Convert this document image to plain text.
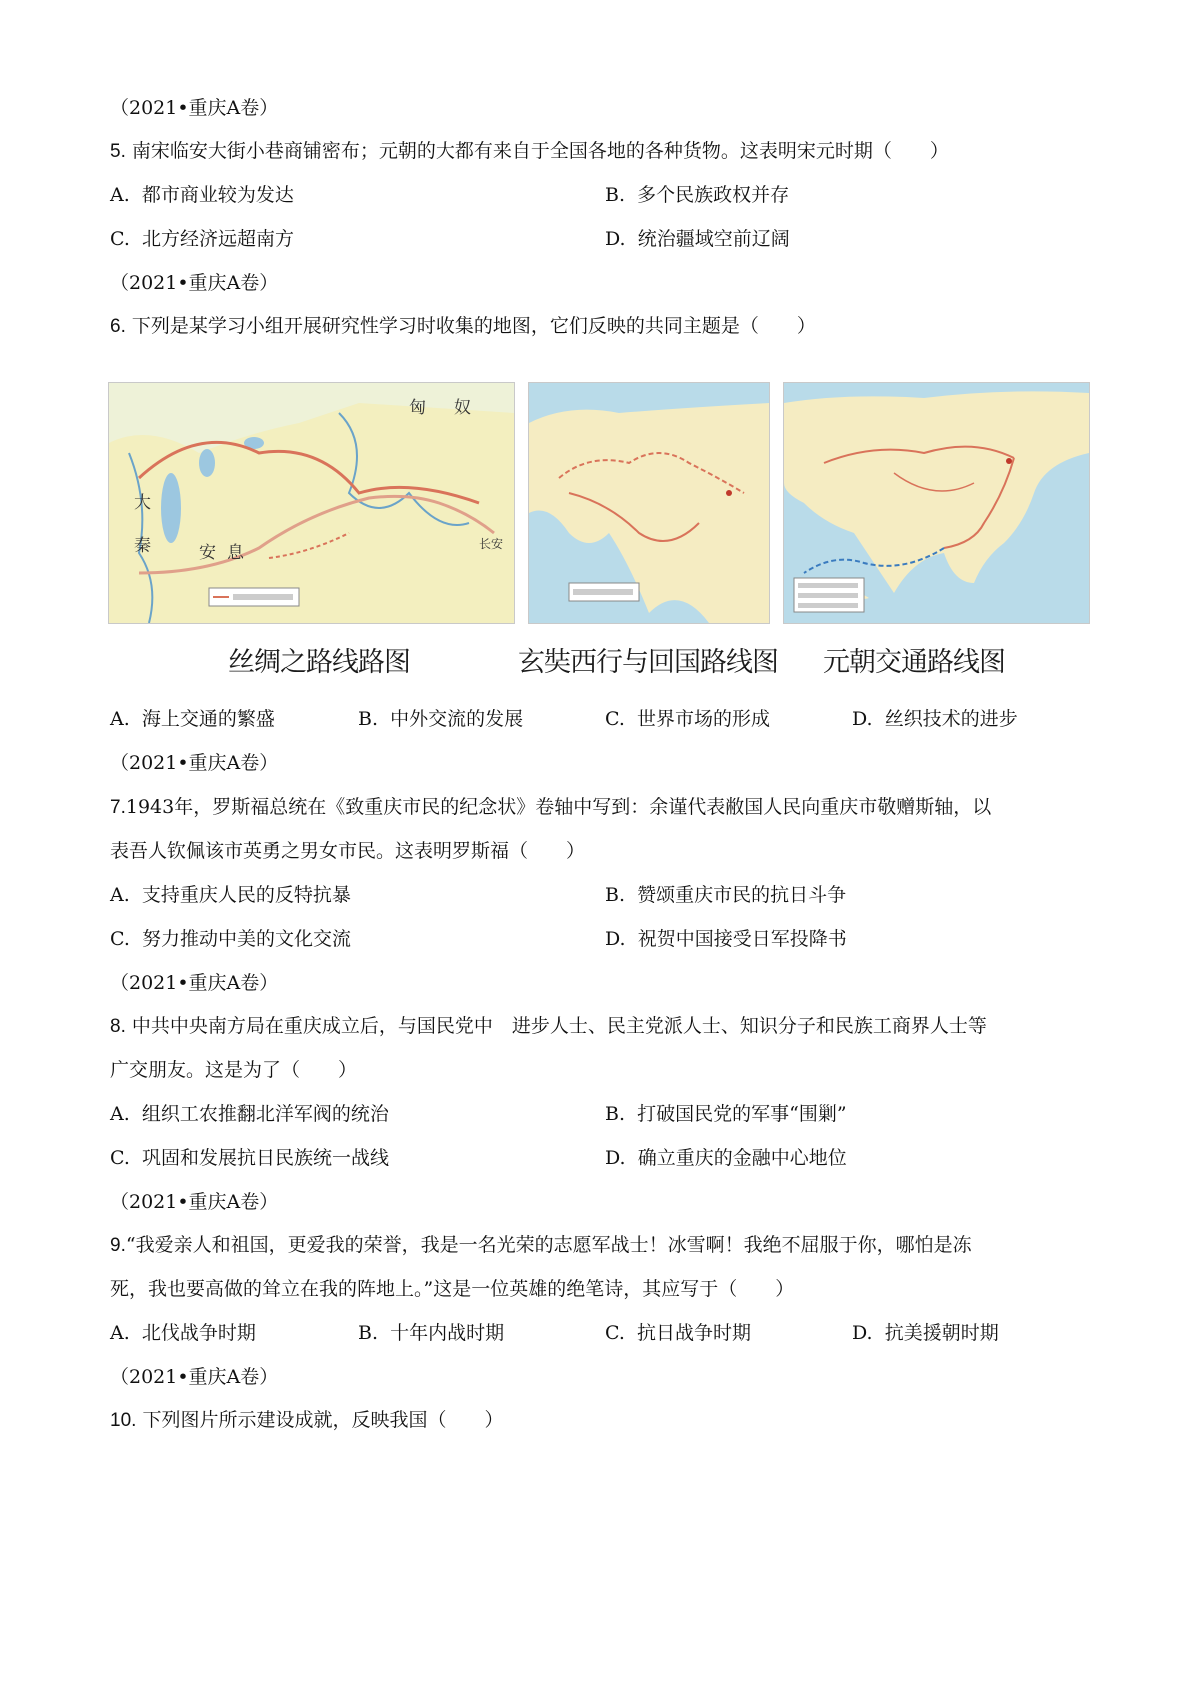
（2021•重庆A卷）
5. 南宋临安大街小巷商铺密布；元朝的大都有来自于全国各地的各种货物。这表明宋元时期（　　）
A. 都市商业较为发达	B. 多个民族政权并存
C. 北方经济远超南方	D. 统治疆域空前辽阔
（2021•重庆A卷）
6. 下列是某学习小组开展研究性学习时收集的地图，它们反映的共同主题是（　　）
大
秦	安 息
匈 奴
长安
丝绸之路线路图	玄奘西行与回国路线图 元朝交通路线图
A. 海上交通的繁盛	B. 中外交流的发展	C. 世界市场的形成	D. 丝织技术的进步
（2021•重庆A卷）
7.1943年，罗斯福总统在《致重庆市民的纪念状》卷轴中写到：余谨代表敝国人民向重庆市敬赠斯轴，以
表吾人钦佩该市英勇之男女市民。这表明罗斯福（　　）
A. 支持重庆人民的反特抗暴	B. 赞颂重庆市民的抗日斗争
C. 努力推动中美的文化交流	D. 祝贺中国接受日军投降书
（2021•重庆A卷）
8. 中共中央南方局在重庆成立后，与国民党中　进步人士、民主党派人士、知识分子和民族工商界人士等
广交朋友。这是为了（　　）
A. 组织工农推翻北洋军阀的统治	B. 打破国民党的军事“围剿”
C. 巩固和发展抗日民族统一战线	D. 确立重庆的金融中心地位
（2021•重庆A卷）
9.“我爱亲人和祖国，更爱我的荣誉，我是一名光荣的志愿军战士！冰雪啊！我绝不屈服于你，哪怕是冻
死，我也要高做的耸立在我的阵地上。”这是一位英雄的绝笔诗，其应写于（　　）
A. 北伐战争时期	B. 十年内战时期	C. 抗日战争时期	D. 抗美援朝时期
（2021•重庆A卷）
10. 下列图片所示建设成就，反映我国（　　）
